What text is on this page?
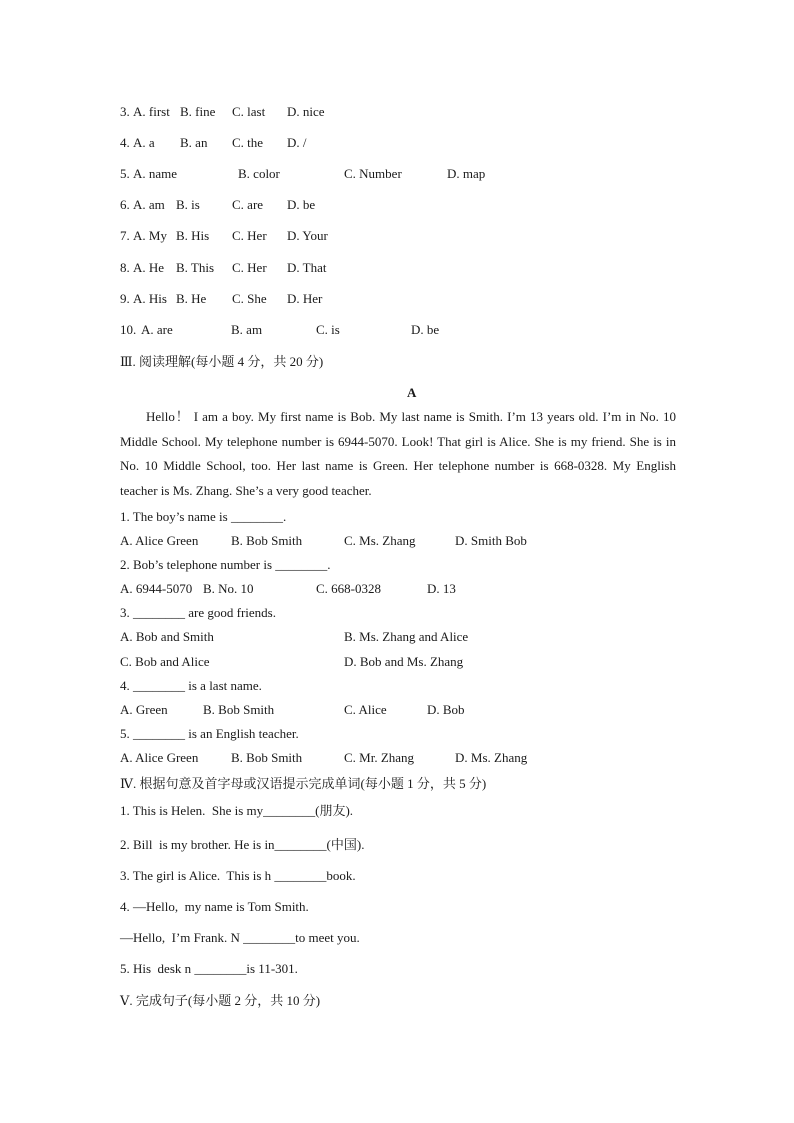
3. A. first B. fine C. last D. nice
4. A. a B. an C. the D. /
5. A. name	B. color	C. Number	D. map
6. A. am B. is C. are D. be
7. A. My B. His C. Her D. Your
8. A. He B. This C. Her D. That
9. A. His B. He C. She D. Her
10. A. are	B. am	C. is	D. be
Ⅲ. 阅读理解(每小题 4 分，共 20 分)
A
Hello！ I am a boy. My first name is Bob. My last name is Smith. I’m 13 years old. I’m in No. 10 Middle School. My telephone number is 6944-5070. Look! That girl is Alice. She is my friend. She is in No. 10 Middle School, too. Her last name is Green. Her telephone number is 668-0328. My English teacher is Ms. Zhang. She’s a very good teacher.
1. The boy’s name is ________.
A. Alice Green	B. Bob Smith	C. Ms. Zhang	D. Smith Bob
2. Bob’s telephone number is ________.
A. 6944-5070 B. No. 10	C. 668-0328	D. 13
3. ________ are good friends.
A. Bob and Smith	B. Ms. Zhang and Alice
C. Bob and Alice	D. Bob and Ms. Zhang
4. ________ is a last name.
A. Green	B. Bob Smith	C. Alice	D. Bob
5. ________ is an English teacher.
A. Alice Green	B. Bob Smith	C. Mr. Zhang	D. Ms. Zhang
Ⅳ. 根据句意及首字母或汉语提示完成单词(每小题 1 分，共 5 分)
1. This is Helen.  She is my________(朋友).
2. Bill  is my brother. He is in________(中国).
3. The girl is Alice.  This is h ________book.
4. —Hello,  my name is Tom Smith.
—Hello,  I’m Frank. N ________to meet you.
5. His  desk n ________is 11-301.
Ⅴ. 完成句子(每小题 2 分，共 10 分)
